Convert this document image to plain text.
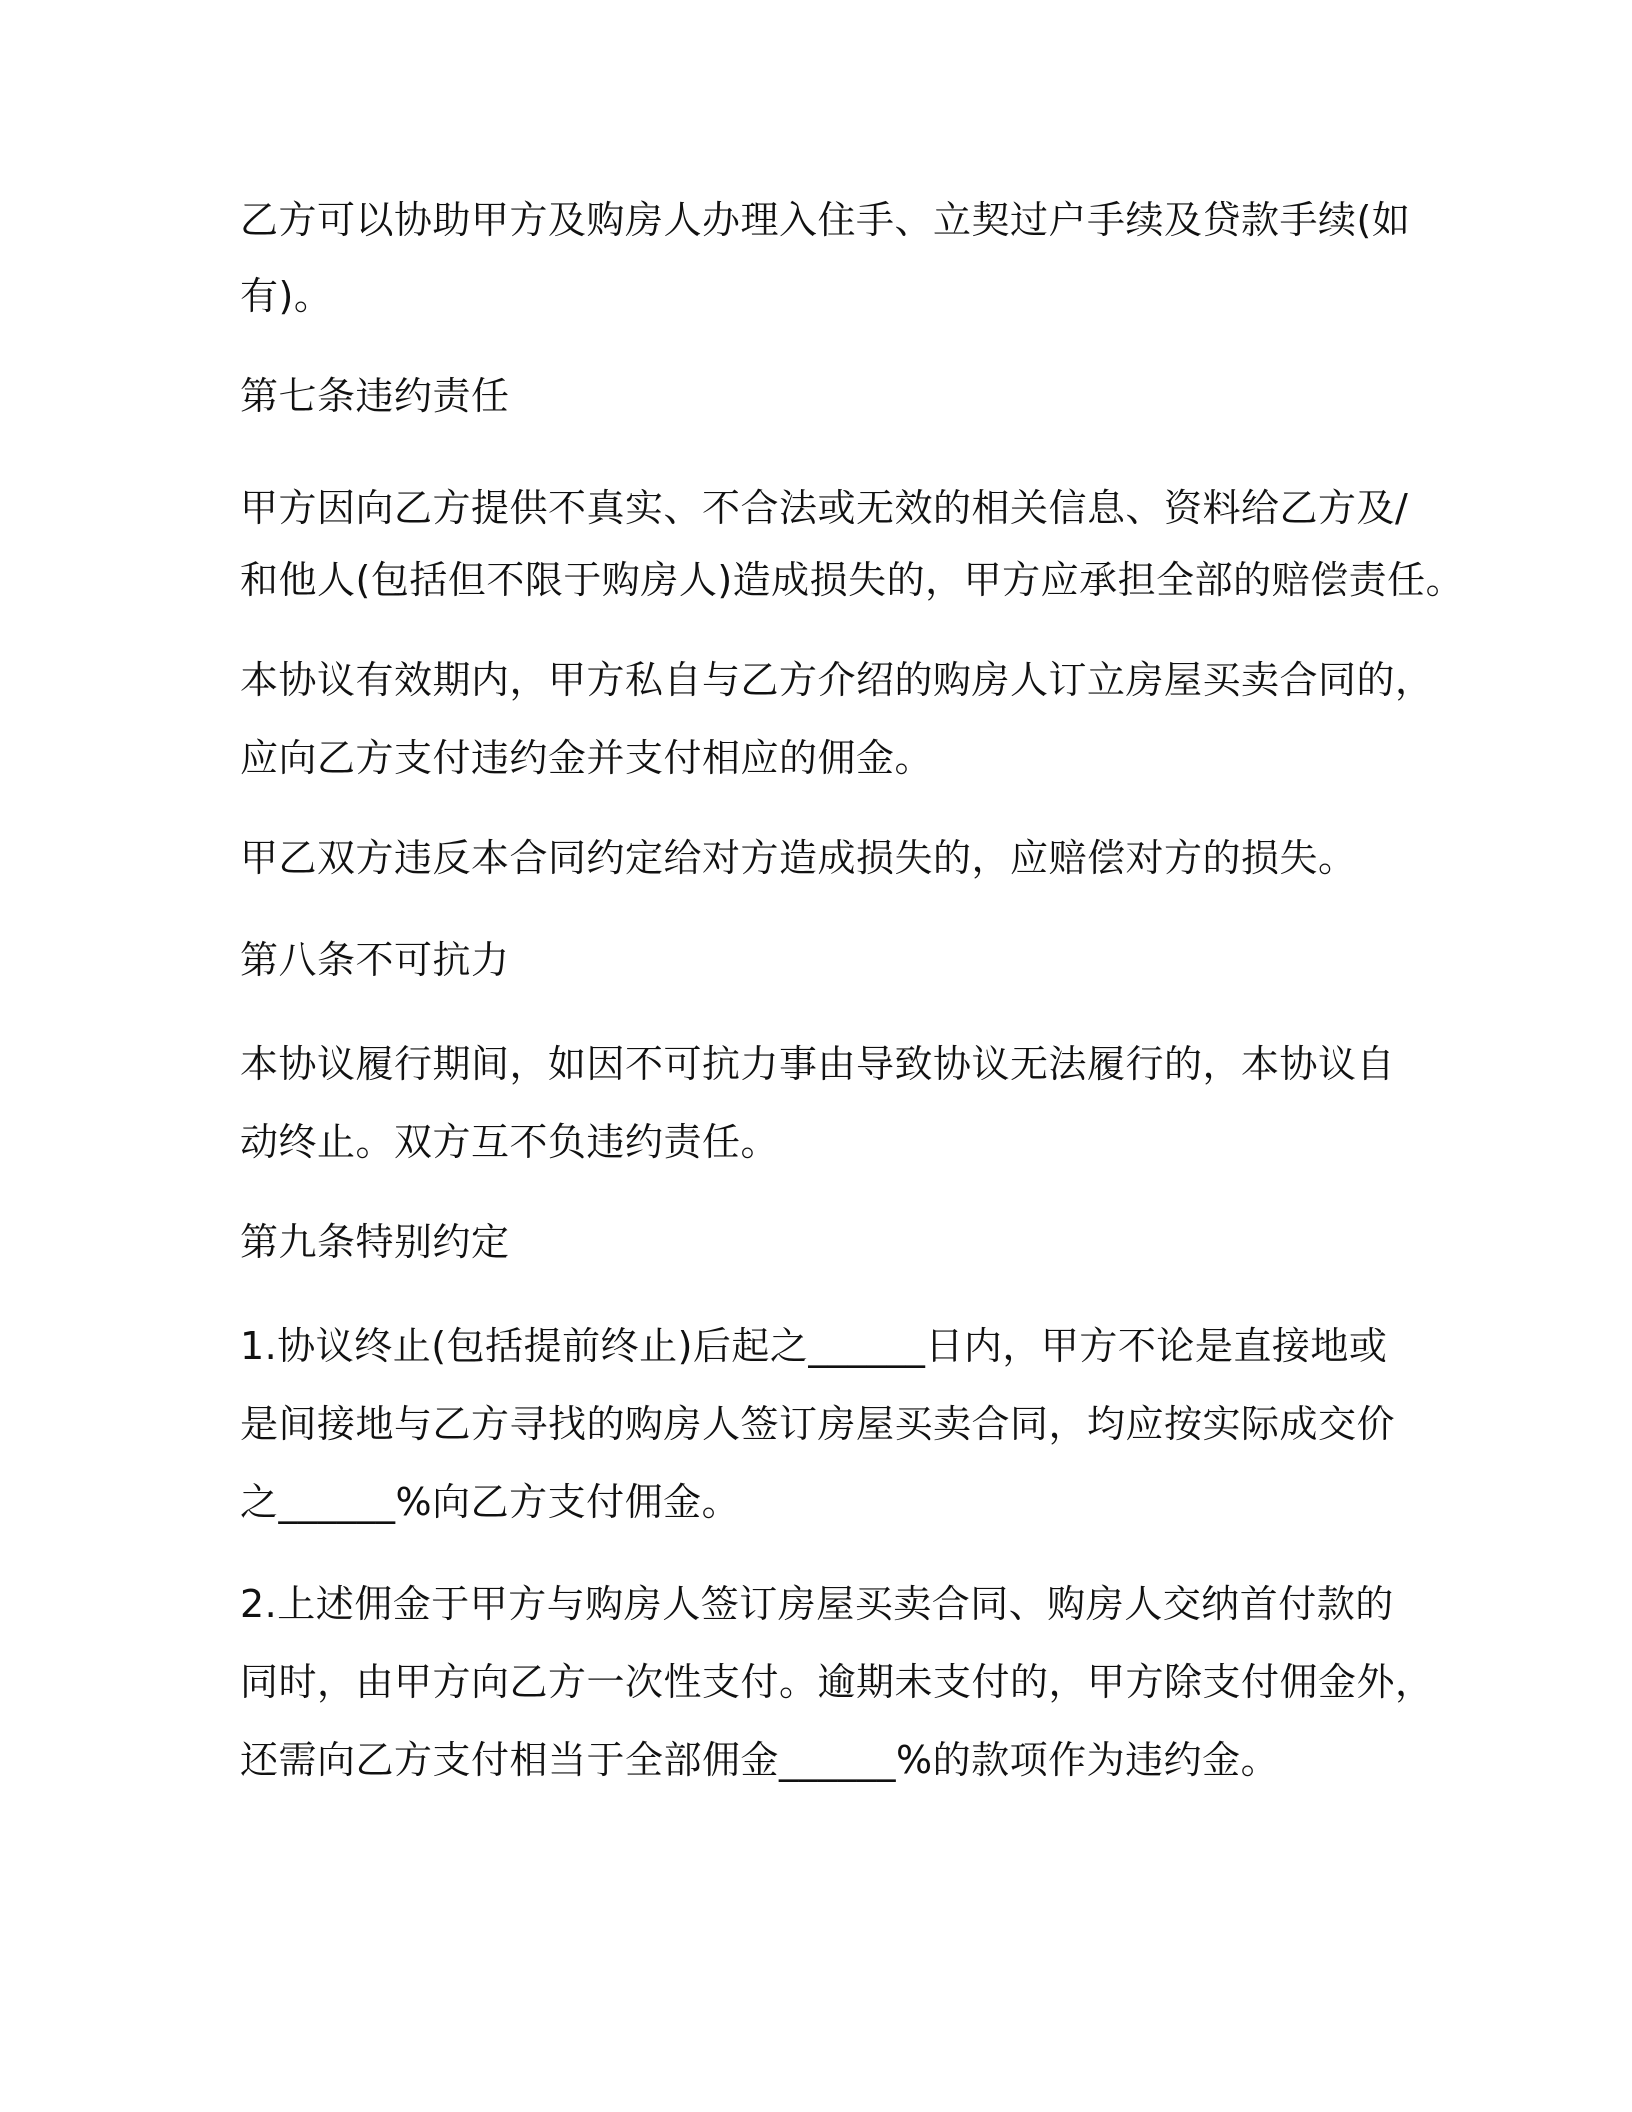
乙方可以协助甲方及购房人办理入住手、立契过户手续及贷款手续(如
有)。
第七条违约责任
甲方因向乙方提供不真实、不合法或无效的相关信息、资料给乙方及/
和他人(包括但不限于购房人)造成损失的，甲方应承担全部的赔偿责任。
本协议有效期内，甲方私自与乙方介绍的购房人订立房屋买卖合同的，
应向乙方支付违约金并支付相应的佣金。
甲乙双方违反本合同约定给对方造成损失的，应赔偿对方的损失。
第八条不可抗力
本协议履行期间，如因不可抗力事由导致协议无法履行的，本协议自
动终止。双方互不负违约责任。
第九条特别约定
1.协议终止(包括提前终止)后起之______日内，甲方不论是直接地或
是间接地与乙方寻找的购房人签订房屋买卖合同，均应按实际成交价
之______%向乙方支付佣金。
2.上述佣金于甲方与购房人签订房屋买卖合同、购房人交纳首付款的
同时，由甲方向乙方一次性支付。逾期未支付的，甲方除支付佣金外，
还需向乙方支付相当于全部佣金______%的款项作为违约金。
